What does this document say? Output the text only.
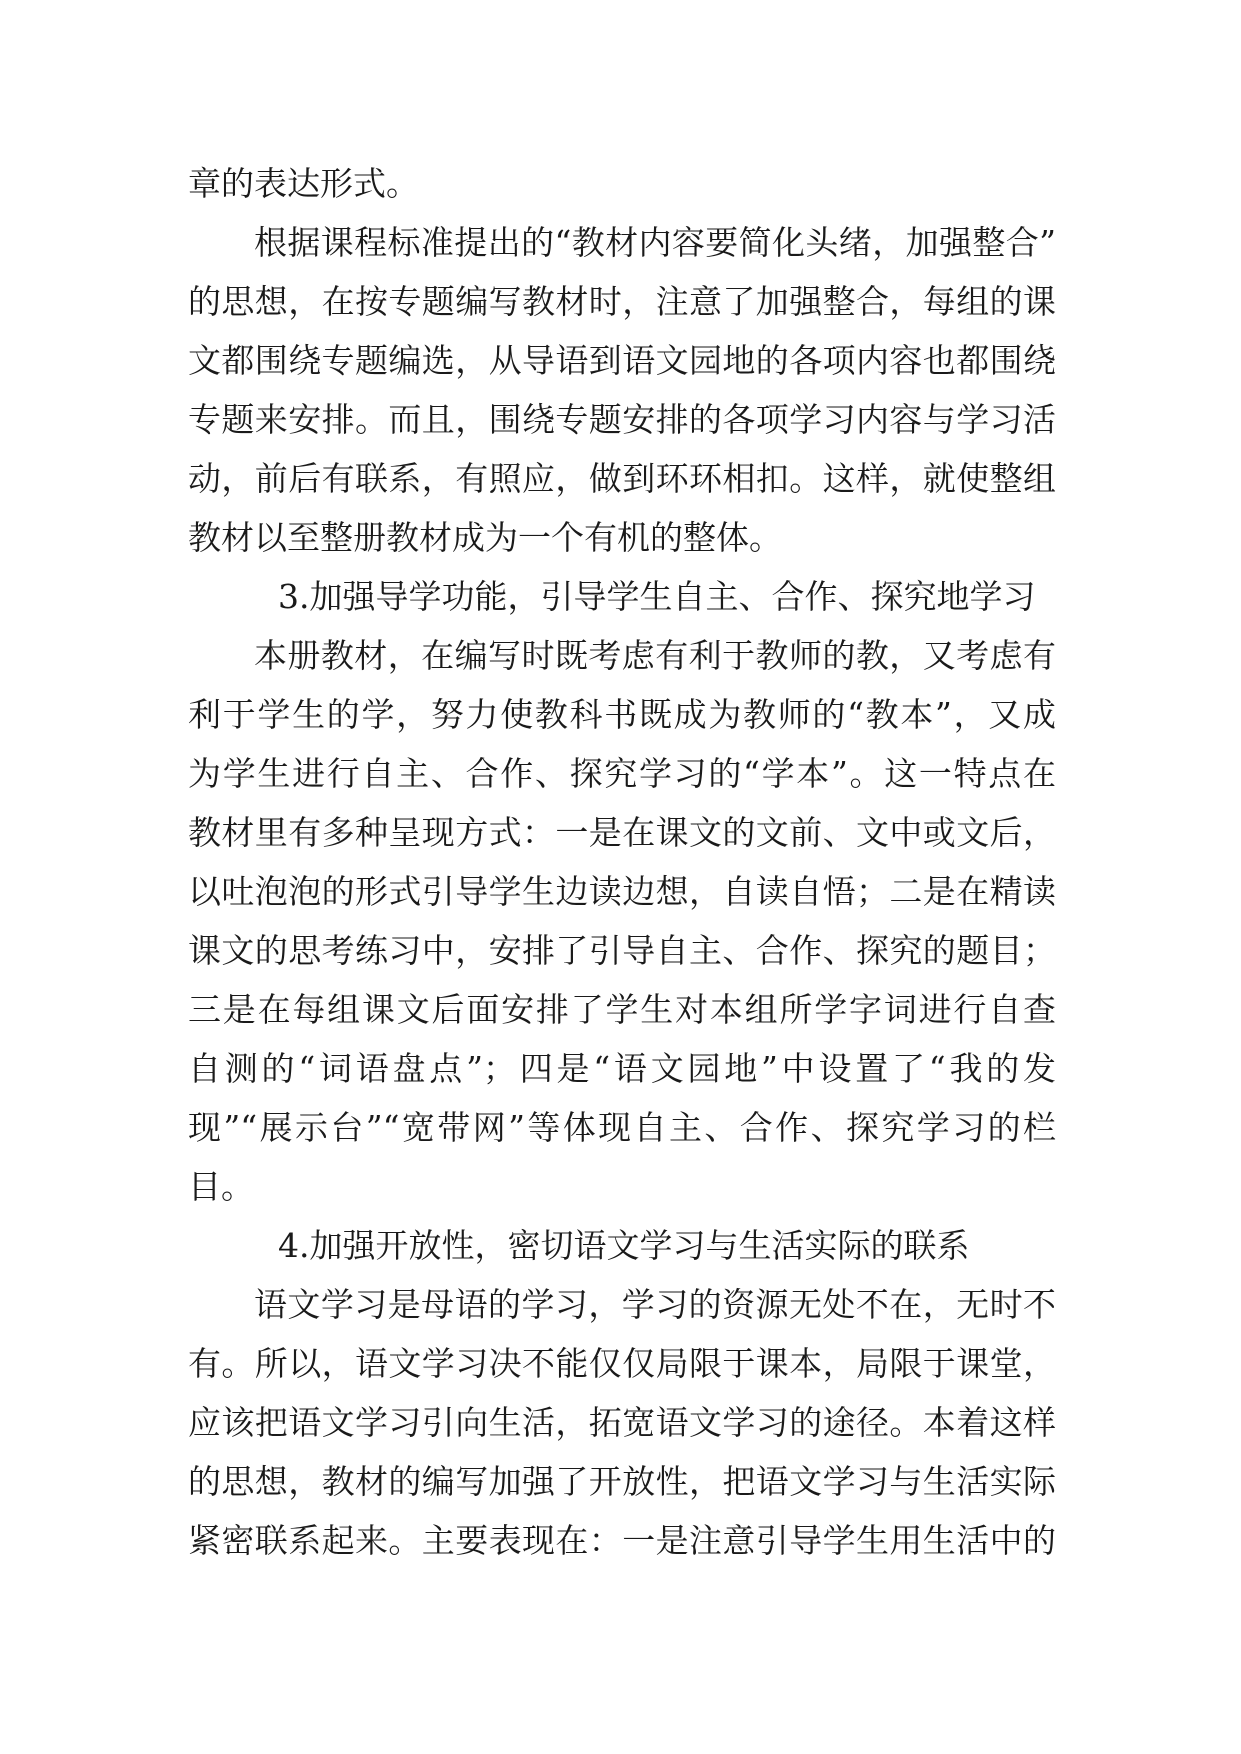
章的表达形式。
根据课程标准提出的“教材内容要简化头绪，加强整合”
的思想，在按专题编写教材时，注意了加强整合，每组的课
文都围绕专题编选，从导语到语文园地的各项内容也都围绕
专题来安排。而且，围绕专题安排的各项学习内容与学习活
动，前后有联系，有照应，做到环环相扣。这样，就使整组
教材以至整册教材成为一个有机的整体。
3.加强导学功能，引导学生自主、合作、探究地学习
本册教材，在编写时既考虑有利于教师的教，又考虑有
利于学生的学，努力使教科书既成为教师的“教本”，又成
为学生进行自主、合作、探究学习的“学本”。这一特点在
教材里有多种呈现方式：一是在课文的文前、文中或文后，
以吐泡泡的形式引导学生边读边想，自读自悟；二是在精读
课文的思考练习中，安排了引导自主、合作、探究的题目；
三是在每组课文后面安排了学生对本组所学字词进行自查
自测的“词语盘点”；四是“语文园地”中设置了“我的发
现”“展示台”“宽带网”等体现自主、合作、探究学习的栏
目。
4.加强开放性，密切语文学习与生活实际的联系
语文学习是母语的学习，学习的资源无处不在，无时不
有。所以，语文学习决不能仅仅局限于课本，局限于课堂，
应该把语文学习引向生活，拓宽语文学习的途径。本着这样
的思想，教材的编写加强了开放性，把语文学习与生活实际
紧密联系起来。主要表现在：一是注意引导学生用生活中的
